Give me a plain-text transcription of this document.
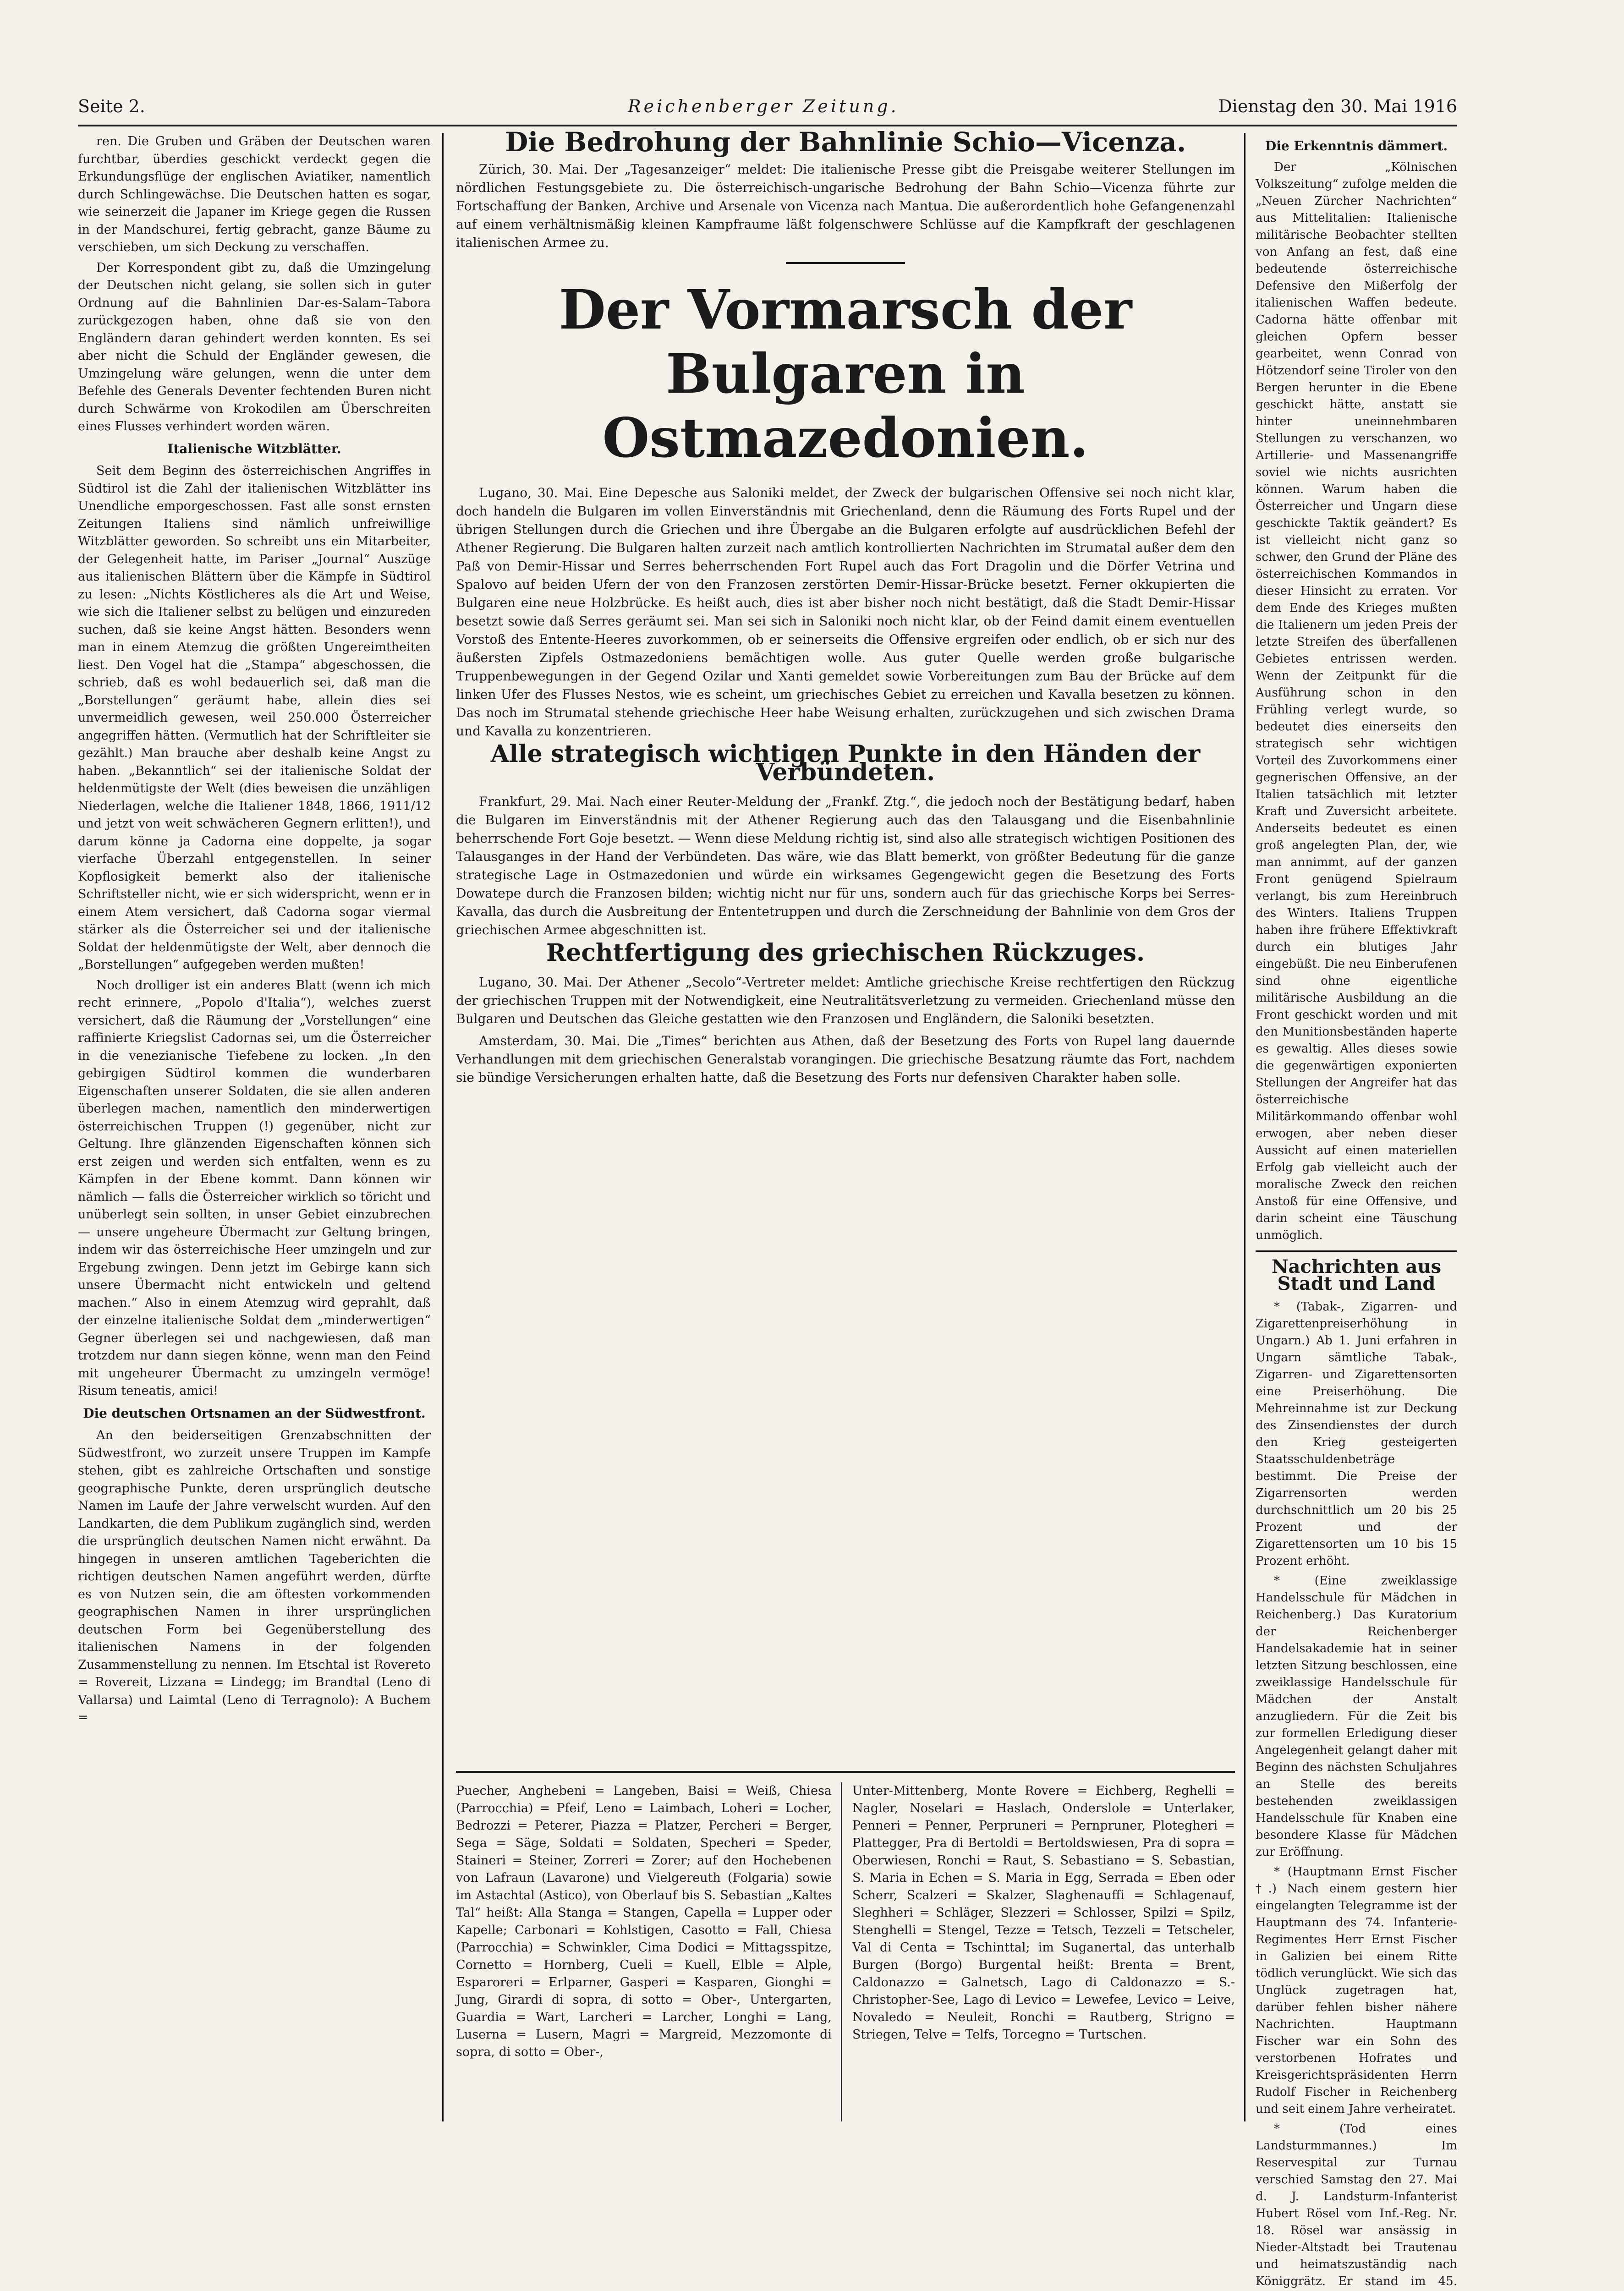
Seite 2.	Reichenberger Zeitung.	Dienstag den 30. Mai 1916

ren. Die Gruben und Gräben der Deutschen waren furchtbar, überdies geschickt verdeckt gegen die Erkundungsflüge der englischen Aviatiker, namentlich durch Schlingewächse. Die Deutschen hatten es sogar, wie seinerzeit die Japaner im Kriege gegen die Russen in der Mandschurei, fertig gebracht, ganze Bäume zu verschieben, um sich Deckung zu verschaffen.

Der Korrespondent gibt zu, daß die Umzingelung der Deutschen nicht gelang, sie sollen sich in guter Ordnung auf die Bahnlinien Dar-es-Salam–Tabora zurückgezogen haben, ohne daß sie von den Engländern daran gehindert werden konnten. Es sei aber nicht die Schuld der Engländer gewesen, die Umzingelung wäre gelungen, wenn die unter dem Befehle des Generals Deventer fechtenden Buren nicht durch Schwärme von Krokodilen am Überschreiten eines Flusses verhindert worden wären.

Italienische Witzblätter.

Seit dem Beginn des österreichischen Angriffes in Südtirol ist die Zahl der italienischen Witzblätter ins Unendliche emporgeschossen. Fast alle sonst ernsten Zeitungen Italiens sind nämlich unfreiwillige Witzblätter geworden. So schreibt uns ein Mitarbeiter, der Gelegenheit hatte, im Pariser „Journal“ Auszüge aus italienischen Blättern über die Kämpfe in Südtirol zu lesen: „Nichts Köstlicheres als die Art und Weise, wie sich die Italiener selbst zu belügen und einzureden suchen, daß sie keine Angst hätten. Besonders wenn man in einem Atemzug die größten Ungereimtheiten liest. Den Vogel hat die „Stampa“ abgeschossen, die schrieb, daß es wohl bedauerlich sei, daß man die „Borstellungen“ geräumt habe, allein dies sei unvermeidlich gewesen, weil 250.000 Österreicher angegriffen hätten. (Vermutlich hat der Schriftleiter sie gezählt.) Man brauche aber deshalb keine Angst zu haben. „Bekanntlich“ sei der italienische Soldat der heldenmütigste der Welt (dies beweisen die unzähligen Niederlagen, welche die Italiener 1848, 1866, 1911/12 und jetzt von weit schwächeren Gegnern erlitten!), und darum könne ja Cadorna eine doppelte, ja sogar vierfache Überzahl entgegenstellen. In seiner Kopflosigkeit bemerkt also der italienische Schriftsteller nicht, wie er sich widerspricht, wenn er in einem Atem versichert, daß Cadorna sogar viermal stärker als die Österreicher sei und der italienische Soldat der heldenmütigste der Welt, aber dennoch die „Borstellungen“ aufgegeben werden mußten!

Noch drolliger ist ein anderes Blatt (wenn ich mich recht erinnere, „Popolo d'Italia“), welches zuerst versichert, daß die Räumung der „Vorstellungen“ eine raffinierte Kriegslist Cadornas sei, um die Österreicher in die venezianische Tiefebene zu locken. „In den gebirgigen Südtirol kommen die wunderbaren Eigenschaften unserer Soldaten, die sie allen anderen überlegen machen, namentlich den minderwertigen österreichischen Truppen (!) gegenüber, nicht zur Geltung. Ihre glänzenden Eigenschaften können sich erst zeigen und werden sich entfalten, wenn es zu Kämpfen in der Ebene kommt. Dann können wir nämlich — falls die Österreicher wirklich so töricht und unüberlegt sein sollten, in unser Gebiet einzubrechen — unsere ungeheure Übermacht zur Geltung bringen, indem wir das österreichische Heer umzingeln und zur Ergebung zwingen. Denn jetzt im Gebirge kann sich unsere Übermacht nicht entwickeln und geltend machen.“ Also in einem Atemzug wird geprahlt, daß der einzelne italienische Soldat dem „minderwertigen“ Gegner überlegen sei und nachgewiesen, daß man trotzdem nur dann siegen könne, wenn man den Feind mit ungeheurer Übermacht zu umzingeln vermöge! Risum teneatis, amici!

Die deutschen Ortsnamen an der Südwestfront.

An den beiderseitigen Grenzabschnitten der Südwestfront, wo zurzeit unsere Truppen im Kampfe stehen, gibt es zahlreiche Ortschaften und sonstige geographische Punkte, deren ursprünglich deutsche Namen im Laufe der Jahre verwelscht wurden. Auf den Landkarten, die dem Publikum zugänglich sind, werden die ursprünglich deutschen Namen nicht erwähnt. Da hingegen in unseren amtlichen Tageberichten die richtigen deutschen Namen angeführt werden, dürfte es von Nutzen sein, die am öftesten vorkommenden geographischen Namen in ihrer ursprünglichen deutschen Form bei Gegenüberstellung des italienischen Namens in der folgenden Zusammenstellung zu nennen. Im Etschtal ist Rovereto = Rovereit, Lizzana = Lindegg; im Brandtal (Leno di Vallarsa) und Laimtal (Leno di Terragnolo): A Buchem =

Die Bedrohung der Bahnlinie Schio—Vicenza.

Zürich, 30. Mai. Der „Tagesanzeiger“ meldet: Die italienische Presse gibt die Preisgabe weiterer Stellungen im nördlichen Festungsgebiete zu. Die österreichisch-ungarische Bedrohung der Bahn Schio—Vicenza führte zur Fortschaffung der Banken, Archive und Arsenale von Vicenza nach Mantua. Die außerordentlich hohe Gefangenenzahl auf einem verhältnismäßig kleinen Kampfraume läßt folgenschwere Schlüsse auf die Kampfkraft der geschlagenen italienischen Armee zu.

Der Vormarsch der Bulgaren in Ostmazedonien.

Lugano, 30. Mai. Eine Depesche aus Saloniki meldet, der Zweck der bulgarischen Offensive sei noch nicht klar, doch handeln die Bulgaren im vollen Einverständnis mit Griechenland, denn die Räumung des Forts Rupel und der übrigen Stellungen durch die Griechen und ihre Übergabe an die Bulgaren erfolgte auf ausdrücklichen Befehl der Athener Regierung. Die Bulgaren halten zurzeit nach amtlich kontrollierten Nachrichten im Strumatal außer dem den Paß von Demir-Hissar und Serres beherrschenden Fort Rupel auch das Fort Dragolin und die Dörfer Vetrina und Spalovo auf beiden Ufern der von den Franzosen zerstörten Demir-Hissar-Brücke besetzt. Ferner okkupierten die Bulgaren eine neue Holzbrücke. Es heißt auch, dies ist aber bisher noch nicht bestätigt, daß die Stadt Demir-Hissar besetzt sowie daß Serres geräumt sei. Man sei sich in Saloniki noch nicht klar, ob der Feind damit einem eventuellen Vorstoß des Entente-Heeres zuvorkommen, ob er seinerseits die Offensive ergreifen oder endlich, ob er sich nur des äußersten Zipfels Ostmazedoniens bemächtigen wolle. Aus guter Quelle werden große bulgarische Truppenbewegungen in der Gegend Ozilar und Xanti gemeldet sowie Vorbereitungen zum Bau der Brücke auf dem linken Ufer des Flusses Nestos, wie es scheint, um griechisches Gebiet zu erreichen und Kavalla besetzen zu können. Das noch im Strumatal stehende griechische Heer habe Weisung erhalten, zurückzugehen und sich zwischen Drama und Kavalla zu konzentrieren.

Alle strategisch wichtigen Punkte in den Händen der Verbündeten.

Frankfurt, 29. Mai. Nach einer Reuter-Meldung der „Frankf. Ztg.“, die jedoch noch der Bestätigung bedarf, haben die Bulgaren im Einverständnis mit der Athener Regierung auch das den Talausgang und die Eisenbahnlinie beherrschende Fort Goje besetzt. — Wenn diese Meldung richtig ist, sind also alle strategisch wichtigen Positionen des Talausganges in der Hand der Verbündeten. Das wäre, wie das Blatt bemerkt, von größter Bedeutung für die ganze strategische Lage in Ostmazedonien und würde ein wirksames Gegengewicht gegen die Besetzung des Forts Dowatepe durch die Franzosen bilden; wichtig nicht nur für uns, sondern auch für das griechische Korps bei Serres-Kavalla, das durch die Ausbreitung der Ententetruppen und durch die Zerschneidung der Bahnlinie von dem Gros der griechischen Armee abgeschnitten ist.

Rechtfertigung des griechischen Rückzuges.

Lugano, 30. Mai. Der Athener „Secolo“-Vertreter meldet: Amtliche griechische Kreise rechtfertigen den Rückzug der griechischen Truppen mit der Notwendigkeit, eine Neutralitätsverletzung zu vermeiden. Griechenland müsse den Bulgaren und Deutschen das Gleiche gestatten wie den Franzosen und Engländern, die Saloniki besetzten.

Amsterdam, 30. Mai. Die „Times“ berichten aus Athen, daß der Besetzung des Forts von Rupel lang dauernde Verhandlungen mit dem griechischen Generalstab vorangingen. Die griechische Besatzung räumte das Fort, nachdem sie bündige Versicherungen erhalten hatte, daß die Besetzung des Forts nur defensiven Charakter haben solle.

Puecher, Anghebeni = Langeben, Baisi = Weiß, Chiesa (Parrocchia) = Pfeif, Leno = Laimbach, Loheri = Locher, Bedrozzi = Peterer, Piazza = Platzer, Percheri = Berger, Sega = Säge, Soldati = Soldaten, Specheri = Speder, Staineri = Steiner, Zorreri = Zorer; auf den Hochebenen von Lafraun (Lavarone) und Vielgereuth (Folgaria) sowie im Astachtal (Astico), von Oberlauf bis S. Sebastian „Kaltes Tal“ heißt: Alla Stanga = Stangen, Capella = Lupper oder Kapelle; Carbonari = Kohlstigen, Casotto = Fall, Chiesa (Parrocchia) = Schwinkler, Cima Dodici = Mittagsspitze, Cornetto = Hornberg, Cueli = Kuell, Elble = Alple, Esparoreri = Erlparner, Gasperi = Kasparen, Gionghi = Jung, Girardi di sopra, di sotto = Ober-, Untergarten, Guardia = Wart, Larcheri = Larcher, Longhi = Lang, Luserna = Lusern, Magri = Margreid, Mezzomonte di sopra, di sotto = Ober-,

Unter-Mittenberg, Monte Rovere = Eichberg, Reghelli = Nagler, Noselari = Haslach, Onderslole = Unterlaker, Penneri = Penner, Perpruneri = Pernpruner, Plotegheri = Plattegger, Pra di Bertoldi = Bertoldswiesen, Pra di sopra = Oberwiesen, Ronchi = Raut, S. Sebastiano = S. Sebastian, S. Maria in Echen = S. Maria in Egg, Serrada = Eben oder Scherr, Scalzeri = Skalzer, Slaghenauffi = Schlagenauf, Sleghheri = Schläger, Slezzeri = Schlosser, Spilzi = Spilz, Stenghelli = Stengel, Tezze = Tetsch, Tezzeli = Tetscheler, Val di Centa = Tschinttal; im Suganertal, das unterhalb Burgen (Borgo) Burgental heißt: Brenta = Brent, Caldonazzo = Galnetsch, Lago di Caldonazzo = S.-Christopher-See, Lago di Levico = Lewefee, Levico = Leive, Novaledo = Neuleit, Ronchi = Rautberg, Strigno = Striegen, Telve = Telfs, Torcegno = Turtschen.

Die Erkenntnis dämmert.

Der „Kölnischen Volkszeitung“ zufolge melden die „Neuen Zürcher Nachrichten“ aus Mittelitalien: Italienische militärische Beobachter stellten von Anfang an fest, daß eine bedeutende österreichische Defensive den Mißerfolg der italienischen Waffen bedeute. Cadorna hätte offenbar mit gleichen Opfern besser gearbeitet, wenn Conrad von Hötzendorf seine Tiroler von den Bergen herunter in die Ebene geschickt hätte, anstatt sie hinter uneinnehmbaren Stellungen zu verschanzen, wo Artillerie- und Massenangriffe soviel wie nichts ausrichten können. Warum haben die Österreicher und Ungarn diese geschickte Taktik geändert? Es ist vielleicht nicht ganz so schwer, den Grund der Pläne des österreichischen Kommandos in dieser Hinsicht zu erraten. Vor dem Ende des Krieges mußten die Italienern um jeden Preis der letzte Streifen des überfallenen Gebietes entrissen werden. Wenn der Zeitpunkt für die Ausführung schon in den Frühling verlegt wurde, so bedeutet dies einerseits den strategisch sehr wichtigen Vorteil des Zuvorkommens einer gegnerischen Offensive, an der Italien tatsächlich mit letzter Kraft und Zuversicht arbeitete. Anderseits bedeutet es einen groß angelegten Plan, der, wie man annimmt, auf der ganzen Front genügend Spielraum verlangt, bis zum Hereinbruch des Winters. Italiens Truppen haben ihre frühere Effektivkraft durch ein blutiges Jahr eingebüßt. Die neu Einberufenen sind ohne eigentliche militärische Ausbildung an die Front geschickt worden und mit den Munitionsbeständen haperte es gewaltig. Alles dieses sowie die gegenwärtigen exponierten Stellungen der Angreifer hat das österreichische Militärkommando offenbar wohl erwogen, aber neben dieser Aussicht auf einen materiellen Erfolg gab vielleicht auch der moralische Zweck den reichen Anstoß für eine Offensive, und darin scheint eine Täuschung unmöglich.

Nachrichten aus Stadt und Land

* (Tabak-, Zigarren- und Zigarettenpreiserhöhung in Ungarn.) Ab 1. Juni erfahren in Ungarn sämtliche Tabak-, Zigarren- und Zigarettensorten eine Preiserhöhung. Die Mehreinnahme ist zur Deckung des Zinsendienstes der durch den Krieg gesteigerten Staatsschuldenbeträge bestimmt. Die Preise der Zigarrensorten werden durchschnittlich um 20 bis 25 Prozent und der Zigarettensorten um 10 bis 15 Prozent erhöht.

* (Eine zweiklassige Handelsschule für Mädchen in Reichenberg.) Das Kuratorium der Reichenberger Handelsakademie hat in seiner letzten Sitzung beschlossen, eine zweiklassige Handelsschule für Mädchen der Anstalt anzugliedern. Für die Zeit bis zur formellen Erledigung dieser Angelegenheit gelangt daher mit Beginn des nächsten Schuljahres an Stelle des bereits bestehenden zweiklassigen Handelsschule für Knaben eine besondere Klasse für Mädchen zur Eröffnung.

* (Hauptmann Ernst Fischer †.) Nach einem gestern hier eingelangten Telegramme ist der Hauptmann des 74. Infanterie-Regimentes Herr Ernst Fischer in Galizien bei einem Ritte tödlich verunglückt. Wie sich das Unglück zugetragen hat, darüber fehlen bisher nähere Nachrichten. Hauptmann Fischer war ein Sohn des verstorbenen Hofrates und Kreisgerichtspräsidenten Herrn Rudolf Fischer in Reichenberg und seit einem Jahre verheiratet.

* (Tod eines Landsturmmannes.) Im Reservespital zur Turnau verschied Samstag den 27. Mai d. J. Landsturm-Infanterist Hubert Rösel vom Inf.-Reg. Nr. 18. Rösel war ansässig in Nieder-Altstadt bei Trautenau und heimatszuständig nach Königgrätz. Er stand im 45.
